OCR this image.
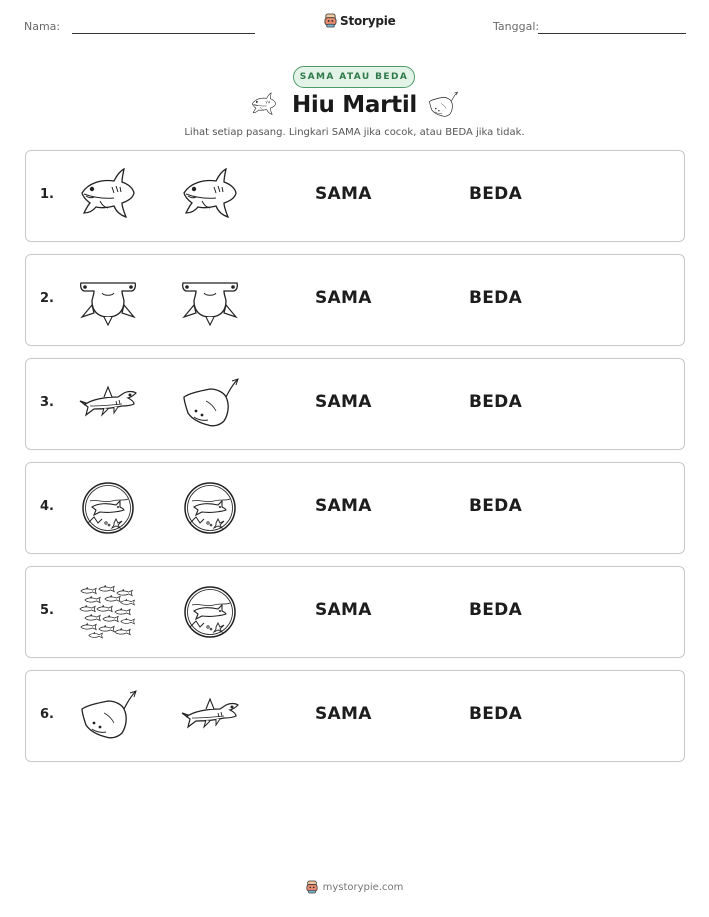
Nama:	Storypie	Tanggal:
SAMA ATAU BEDA
Hiu Martil
Lihat setiap pasang. Lingkari SAMA jika cocok, atau BEDA jika tidak.
1.	SAMA	BEDA
2.	SAMA	BEDA
3.	SAMA	BEDA
4.	SAMA	BEDA
5.	SAMA	BEDA
6.	SAMA	BEDA
mystorypie.com
